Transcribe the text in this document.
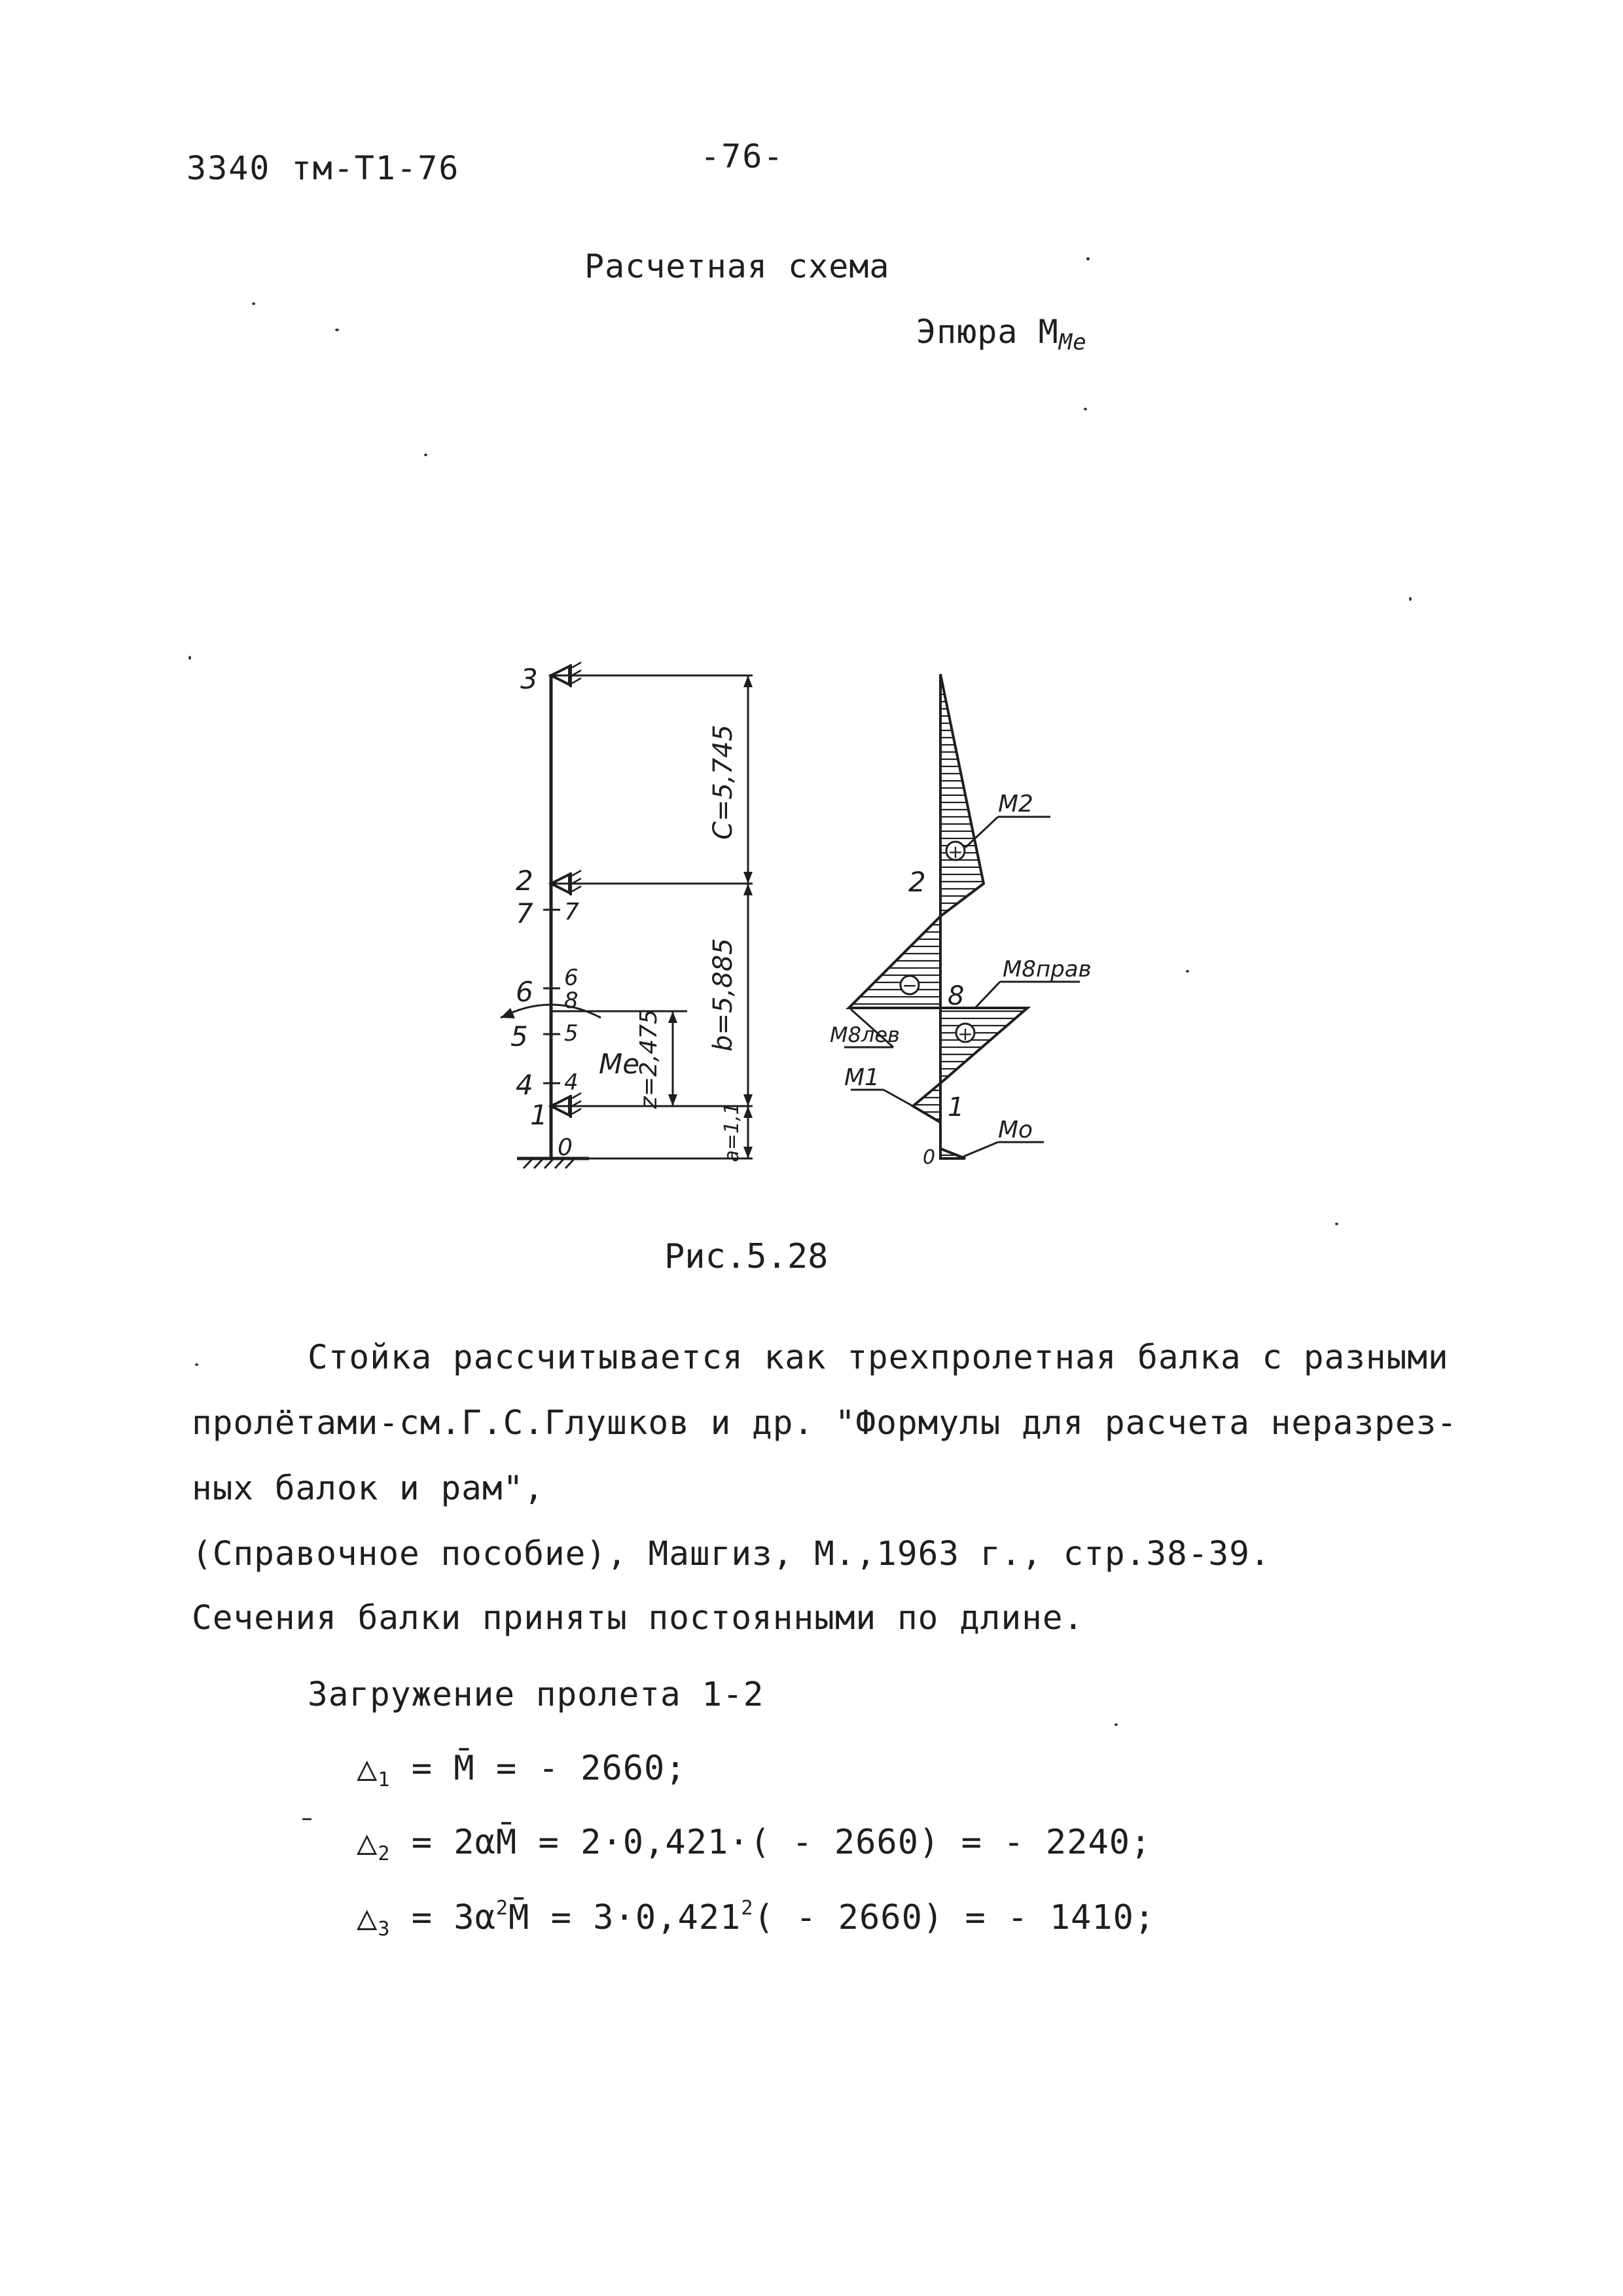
3340 тм-Т1-76	-76-
Расчетная схема
Эпюра $М_{Me}$
C=5,745
b=5,885
a=1,1
z=2,475
3
2
7 7
6 6
8
5 5
4 4
1
0
Me
+
−
+
M2
2
M8прав
8
M8лев
M1
1
Mo
0
Рис.5.28
Стойка рассчитывается как трехпролетная балка с разными
пролётами-см.Г.С.Глушков и др. "Формулы для расчета неразрез-
ных балок и рам",
(Справочное пособие), Машгиз, М.,1963 г., стр.38-39.
Сечения балки приняты постоянными по длине.
Загружение пролета 1-2
$\triangle_1$ = M̄ = - 2660;
$\triangle_2$ = 2αM̄ = 2·0,421·( - 2660) = - 2240;
$\triangle_3$ = $3\alpha^2M̄ = 3\cdot 0,421^2( - 2660)$ = - 1410;
